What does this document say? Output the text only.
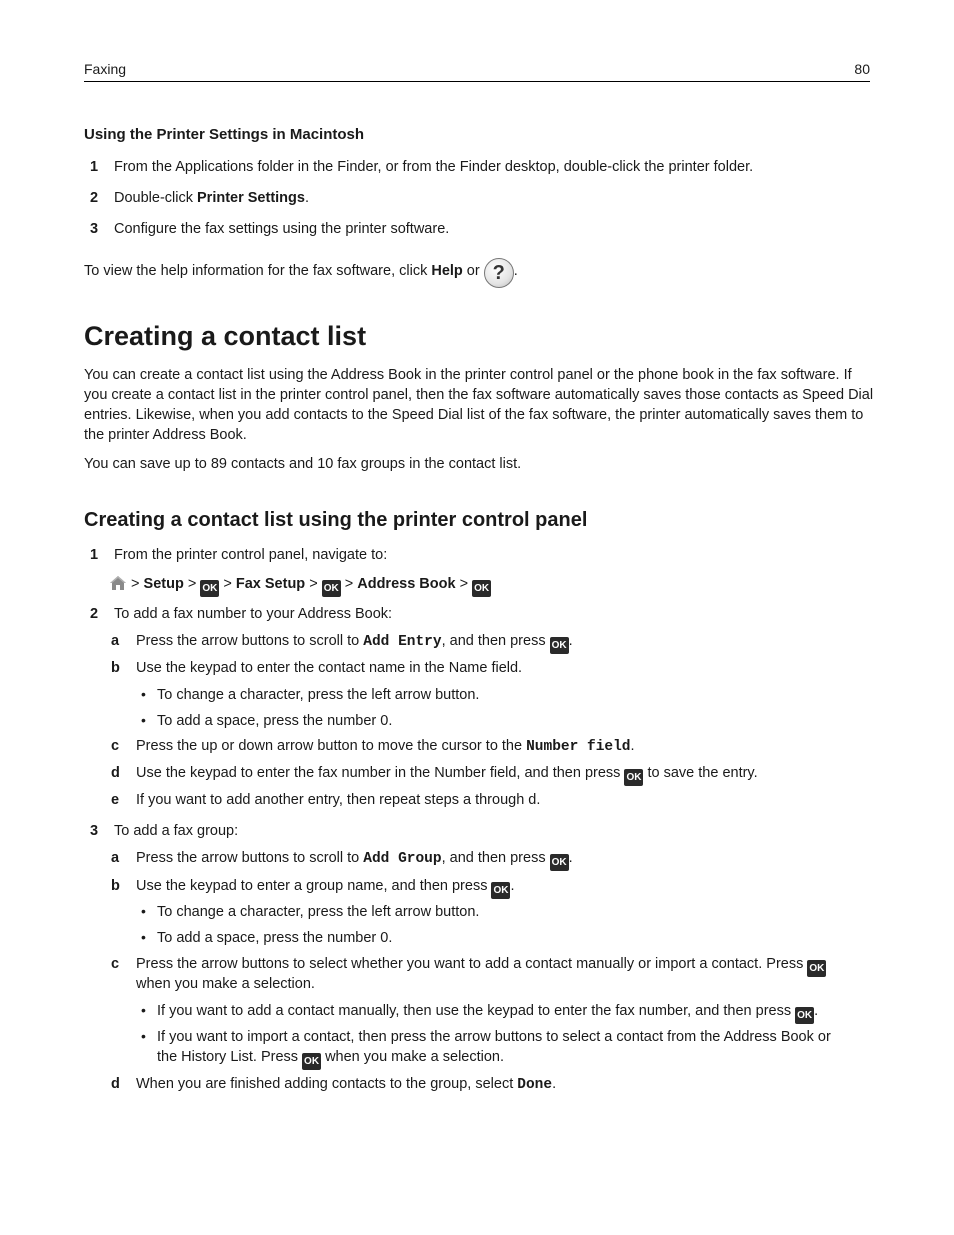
Faxing	80
Using the Printer Settings in Macintosh
1 From the Applications folder in the Finder, or from the Finder desktop, double-click the printer folder.
2 Double-click Printer Settings.
3 Configure the fax settings using the printer software.
To view the help information for the fax software, click Help or ? .
Creating a contact list
You can create a contact list using the Address Book in the printer control panel or the phone book in the fax software. If you create a contact list in the printer control panel, then the fax software automatically saves those contacts as Speed Dial entries. Likewise, when you add contacts to the Speed Dial list of the fax software, the printer automatically saves them to the printer Address Book.
You can save up to 89 contacts and 10 fax groups in the contact list.
Creating a contact list using the printer control panel
1 From the printer control panel, navigate to:
> Setup > OK > Fax Setup > OK > Address Book > OK
2 To add a fax number to your Address Book:
a Press the arrow buttons to scroll to Add Entry, and then press OK .
b Use the keypad to enter the contact name in the Name field.
• To change a character, press the left arrow button.
• To add a space, press the number 0.
c Press the up or down arrow button to move the cursor to the Number field.
d Use the keypad to enter the fax number in the Number field, and then press OK to save the entry.
e If you want to add another entry, then repeat steps a through d.
3 To add a fax group:
a Press the arrow buttons to scroll to Add Group, and then press OK .
b Use the keypad to enter a group name, and then press OK .
• To change a character, press the left arrow button.
• To add a space, press the number 0.
c Press the arrow buttons to select whether you want to add a contact manually or import a contact. Press OK
when you make a selection.
• If you want to add a contact manually, then use the keypad to enter the fax number, and then press OK .
• If you want to import a contact, then press the arrow buttons to select a contact from the Address Book or
the History List. Press OK when you make a selection.
d When you are finished adding contacts to the group, select Done.
